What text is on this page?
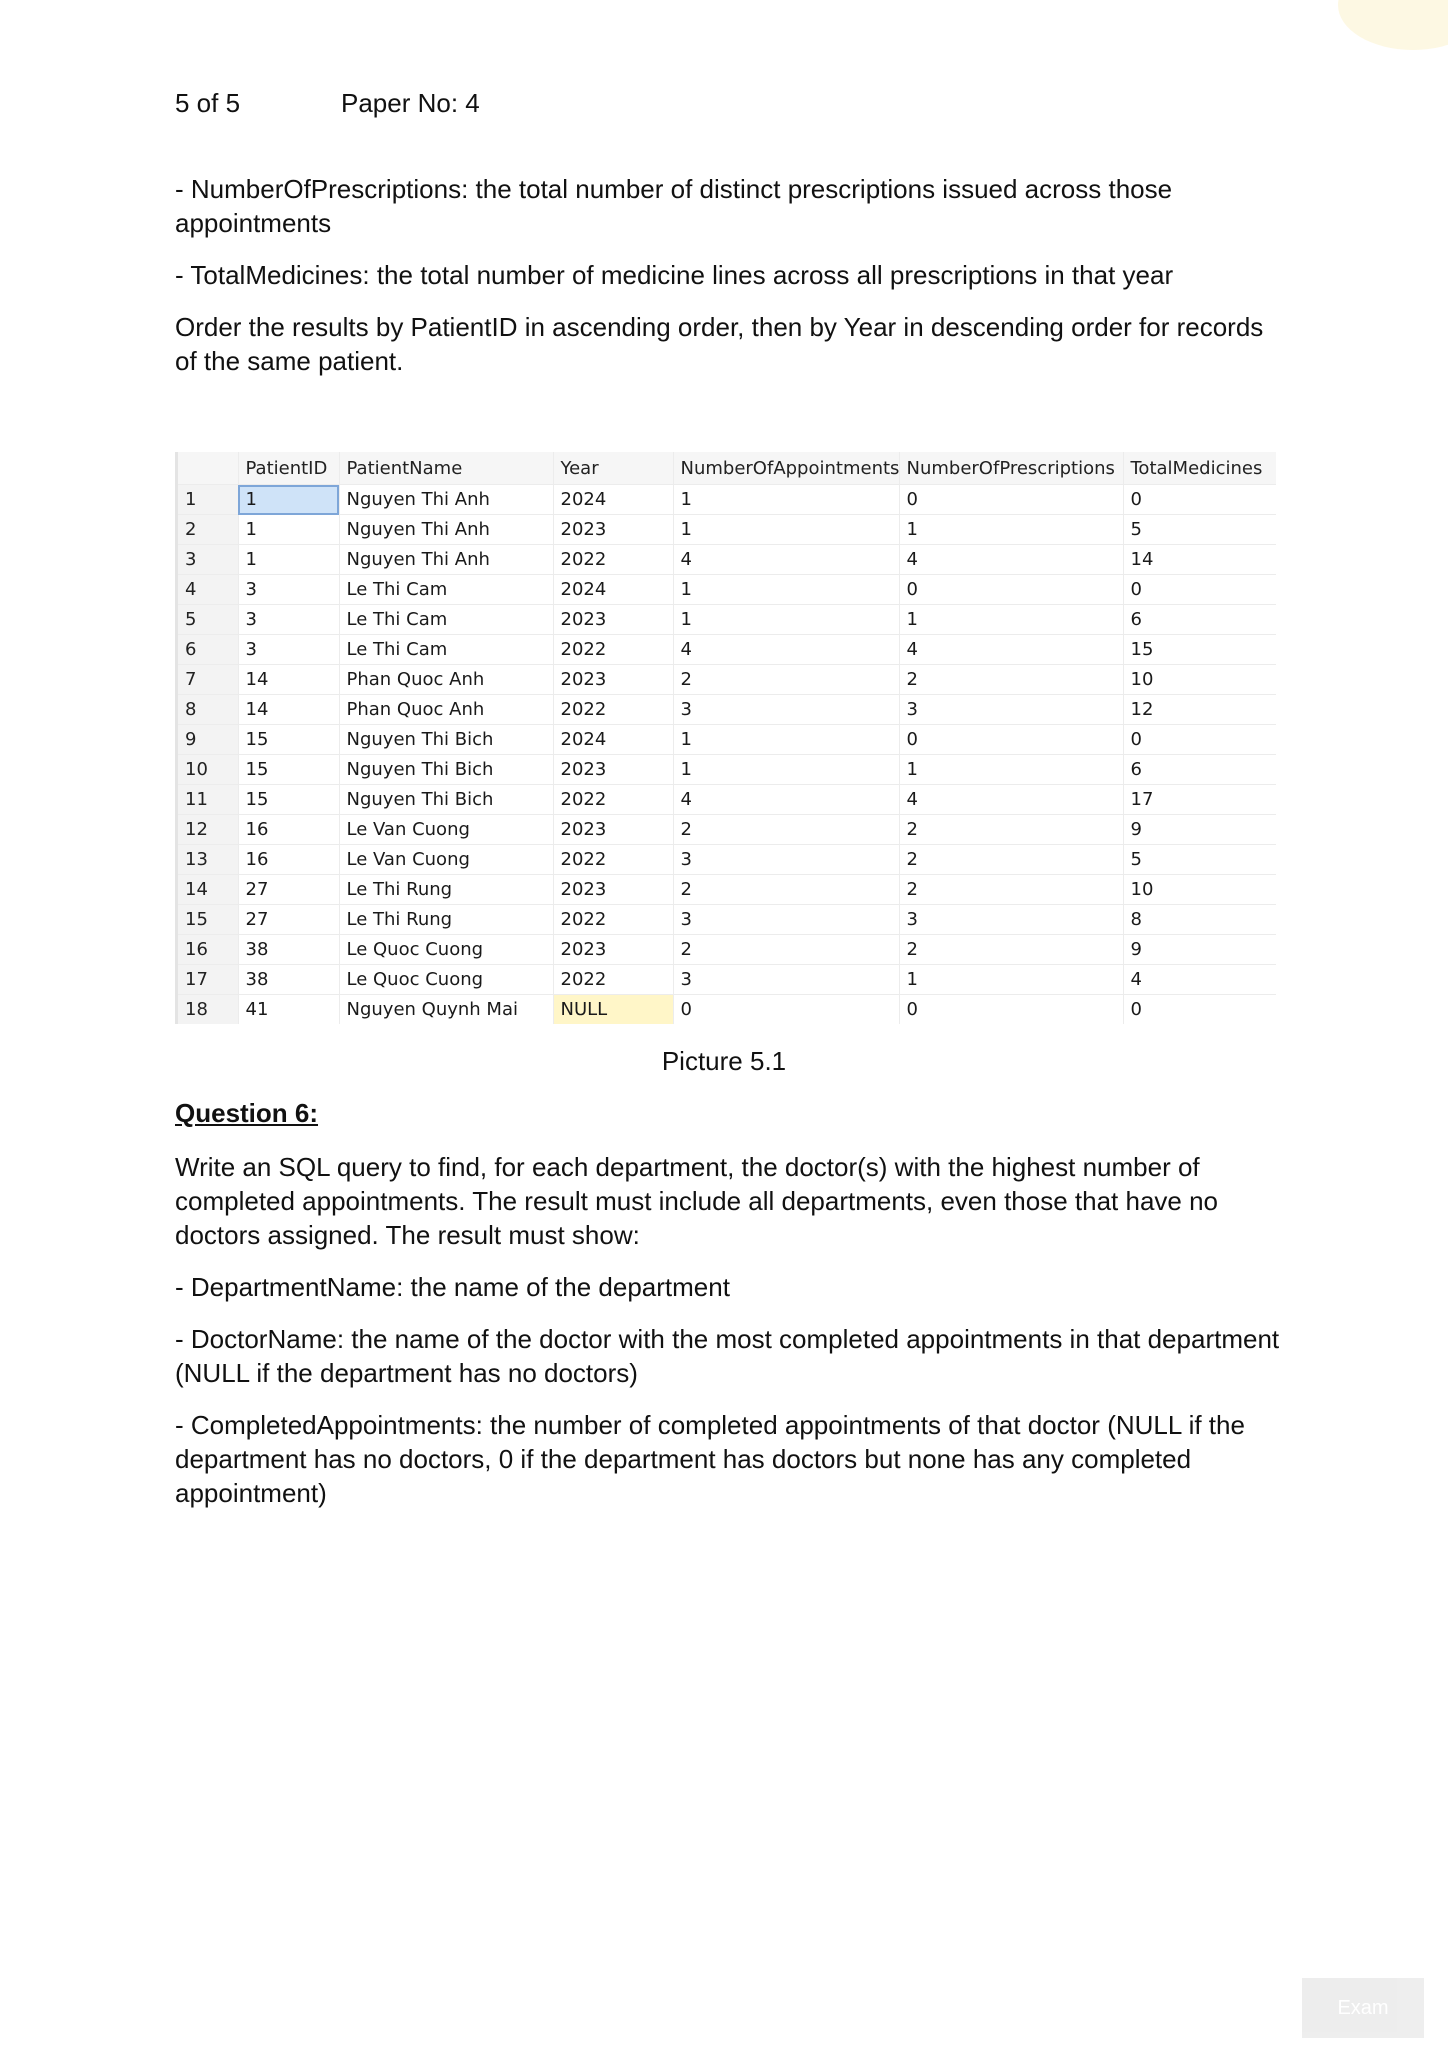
5 of 5	Paper No: 4

- NumberOfPrescriptions: the total number of distinct prescriptions issued across those appointments

- TotalMedicines: the total number of medicine lines across all prescriptions in that year

Order the results by PatientID in ascending order, then by Year in descending order for records of the same patient.

	PatientID	PatientName	Year	NumberOfAppointments	NumberOfPrescriptions	TotalMedicines
1	1	Nguyen Thi Anh	2024	1	0	0
2	1	Nguyen Thi Anh	2023	1	1	5
3	1	Nguyen Thi Anh	2022	4	4	14
4	3	Le Thi Cam	2024	1	0	0
5	3	Le Thi Cam	2023	1	1	6
6	3	Le Thi Cam	2022	4	4	15
7	14	Phan Quoc Anh	2023	2	2	10
8	14	Phan Quoc Anh	2022	3	3	12
9	15	Nguyen Thi Bich	2024	1	0	0
10	15	Nguyen Thi Bich	2023	1	1	6
11	15	Nguyen Thi Bich	2022	4	4	17
12	16	Le Van Cuong	2023	2	2	9
13	16	Le Van Cuong	2022	3	2	5
14	27	Le Thi Rung	2023	2	2	10
15	27	Le Thi Rung	2022	3	3	8
16	38	Le Quoc Cuong	2023	2	2	9
17	38	Le Quoc Cuong	2022	3	1	4
18	41	Nguyen Quynh Mai	NULL	0	0	0
Picture 5.1
Question 6:

Write an SQL query to find, for each department, the doctor(s) with the highest number of completed appointments. The result must include all departments, even those that have no doctors assigned. The result must show:

- DepartmentName: the name of the department

- DoctorName: the name of the doctor with the most completed appointments in that department (NULL if the department has no doctors)

- CompletedAppointments: the number of completed appointments of that doctor (NULL if the department has no doctors, 0 if the department has doctors but none has any completed appointment)

Exam
